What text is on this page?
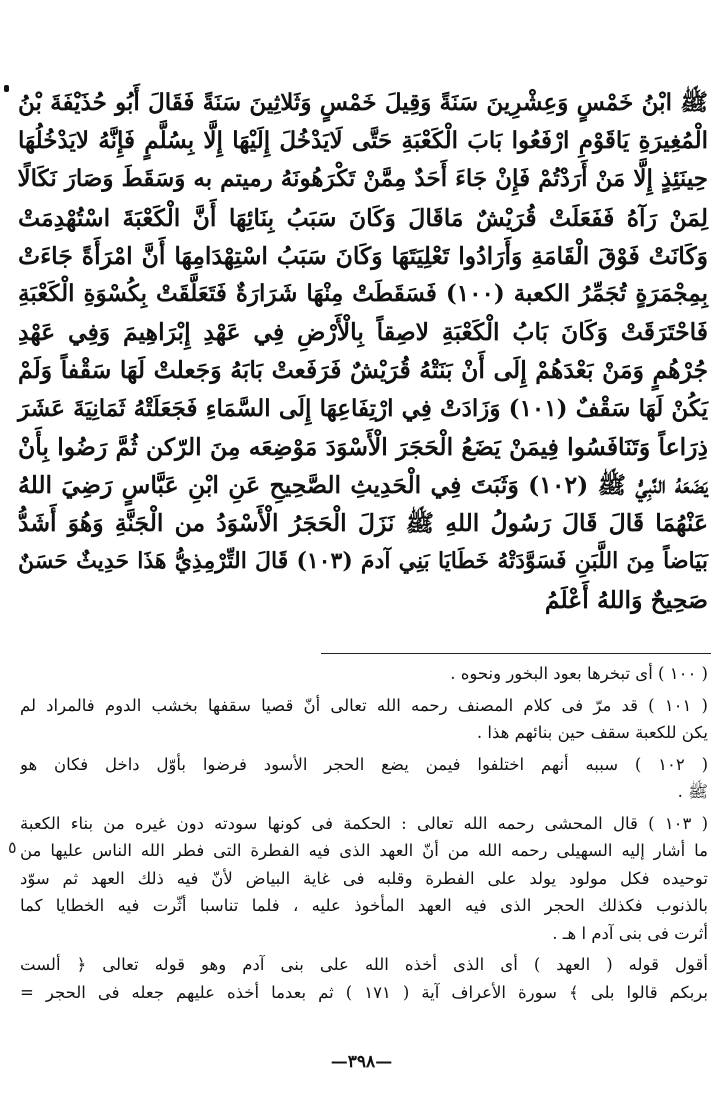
ﷺ ابْنُ خَمْسٍ وَعِشْرِينَ سَنَةً وَقِيلَ خَمْسٍ وَثَلاثِينَ سَنَةً فَقَالَ أَبُو حُذَيْفَةَ بْنُ
الْمُغِيرَةِ يَاقَوْمِ ارْفَعُوا بَابَ الْكَعْبَةِ حَتَّى لَايَدْخُلَ إِلَيْهَا إِلَّا بِسُلَّمٍ فَإِنَّهُ لايَدْخُلُهَا
حِينَئِذٍ إِلَّا مَنْ أَرَدْتُمْ فَإِنْ جَاءَ أَحَدٌ مِمَّنْ تَكْرَهُونَهُ رميتم به وَسَقَطَ وَصَارَ نَكَالًا
لِمَنْ رَآهُ فَفَعَلَتْ قُرَيْشٌ مَاقَالَ وَكَانَ سَبَبُ بِنَائِهَا أَنَّ الْكَعْبَةَ اسْتُهْدِمَتْ
وَكَانَتْ فَوْقَ الْقَامَةِ وَأَرَادُوا تَعْلِيَتَهَا وَكَانَ سَبَبُ اسْتِهْدَامِهَا أَنَّ امْرَأَةً جَاءَتْ
بِمِجْمَرَةٍ تُجَمِّرُ الكعبة (١٠٠) فَسَقَطَتْ مِنْهَا شَرَارَةٌ فَتَعَلَّقَتْ بِكُسْوَةِ الْكَعْبَةِ
فَاحْتَرَقَتْ وَكَانَ بَابُ الْكَعْبَةِ لاصِقاً بِالْأَرْضِ فِي عَهْدِ إِبْرَاهِيمَ وَفِي عَهْدِ
جُرْهُمٍ وَمَنْ بَعْدَهُمْ إِلَى أَنْ بَنَتْهُ قُرَيْشٌ فَرَفَعتْ بَابَهُ وَجَعلتْ لَهَا سَقْفاً وَلَمْ
يَكُنْ لَهَا سَقْفٌ (١٠١) وَزَادَتْ فِي ارْتِفَاعِهَا إِلَى السَّمَاءِ فَجَعَلَتْهُ ثَمَانِيَةَ عَشَرَ
ذِرَاعاً وَتَنَافَسُوا فِيمَنْ يَضَعُ الْحَجَرَ الْأَسْوَدَ مَوْضِعَه مِنَ الرّكن ثُمَّ رَضُوا بِأَنْ
يَضَعَهُ النَّبِيُّ ﷺ (١٠٢) وَثَبَتَ فِي الْحَدِيثِ الصَّحِيحِ عَنِ ابْنِ عَبَّاسٍ رَضِيَ اللهُ
عَنْهُمَا قَالَ قَالَ رَسُولُ اللهِ ﷺ نَزَلَ الْحَجَرُ الْأَسْوَدُ من الْجَنَّةِ وَهُوَ أَشَدُّ
بَيَاضاً مِنَ اللَّبَنِ فَسَوَّدَتْهُ خَطَايَا بَنِي آدمَ (١٠٣) قَالَ التِّرْمِذِيُّ هَذَا حَدِيثٌ حَسَنٌ
صَحِيحٌ وَاللهُ أَعْلَمُ
( ١٠٠ ) أى تبخرها بعود البخور ونحوه .
( ١٠١ ) قد مرّ فى كلام المصنف رحمه الله تعالى أنّ قصيا سقفها بخشب الدوم فالمراد لم
يكن للكعبة سقف حين بنائهم هذا .
( ١٠٢ ) سببه أنهم اختلفوا فيمن يضع الحجر الأسود فرضوا بأوّل داخل فكان هو
ﷺ .
( ١٠٣ ) قال المحشى رحمه الله تعالى : الحكمة فى كونها سودته دون غيره من بناء الكعبة
ما أشار إليه السهيلى رحمه الله من أنّ العهد الذى فيه الفطرة التى فطر الله الناس عليها من
توحيده فكل مولود يولد على الفطرة وقلبه فى غاية البياض لأنّ فيه ذلك العهد ثم سوّد
بالذنوب فكذلك الحجر الذى فيه العهد المأخوذ عليه ، فلما تناسبا أثّرت فيه الخطايا كما
أثرت فى بنى آدم ا هـ .
أقول قوله ( العهد ) أى الذى أخذه الله على بنى آدم وهو قوله تعالى ﴿ ألست
بربكم قالوا بلى ﴾ سورة الأعراف آية ( ١٧١ ) ثم بعدما أخذه عليهم جعله فى الحجر =
٥
—٣٩٨—
